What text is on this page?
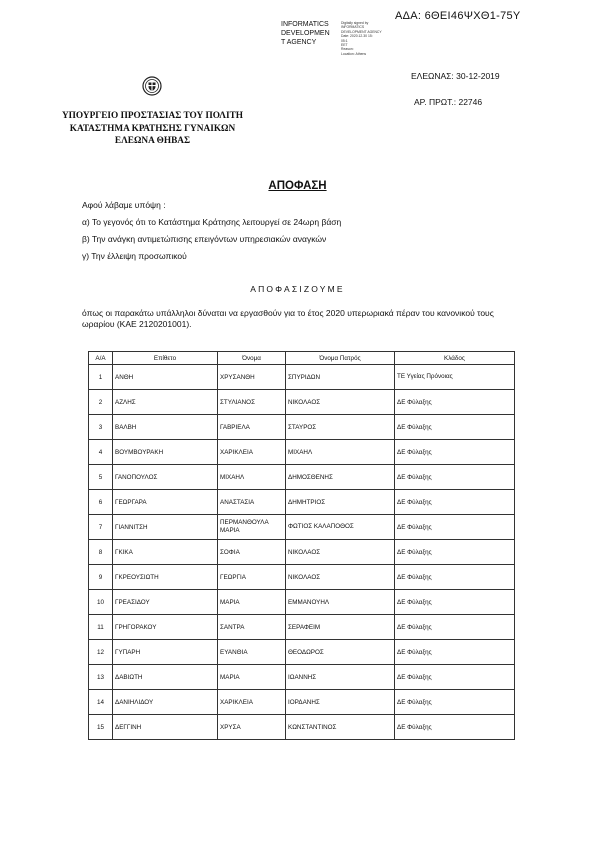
ΑΔΑ: 6ΘΕΙ46ΨΧΘ1-75Υ
INFORMATICS
DEVELOPMEN
T AGENCY
Digitally signed by
INFORMATICS
DEVELOPMENT AGENCY
Date: 2020.12.30 15:
05:1
EET
Reason:
Location: Athens
ΕΛΕΩΝΑΣ: 30-12-2019
ΑΡ. ΠΡΩΤ.: 22746
ΥΠΟΥΡΓΕΙΟ ΠΡΟΣΤΑΣΙΑΣ ΤΟΥ ΠΟΛΙΤΗ
ΚΑΤΑΣΤΗΜΑ ΚΡΑΤΗΣΗΣ ΓΥΝΑΙΚΩΝ
ΕΛΕΩΝΑ ΘΗΒΑΣ
ΑΠΟΦΑΣΗ
Αφού λάβαμε υπόψη :
α) Το γεγονός ότι το Κατάστημα Κράτησης λειτουργεί σε 24ωρη βάση
β) Την ανάγκη αντιμετώπισης επειγόντων υπηρεσιακών αναγκών
γ) Την έλλειψη προσωπικού
ΑΠΟΦΑΣΙΖΟΥΜΕ
όπως οι παρακάτω υπάλληλοι δύναται να εργασθούν για το έτος 2020 υπερωριακά πέραν του κανονικού τους ωραρίου (ΚΑΕ 2120201001).
Α/Α	Επίθετο	Όνομα	Όνομα Πατρός	Κλάδος
1	ΑΝΘΗ	ΧΡΥΣΑΝΘΗ	ΣΠΥΡΙΔΩΝ	ΤΕ Υγείας Πρόνοιας
2	ΑΖΛΗΣ	ΣΤΥΛΙΑΝΟΣ	ΝΙΚΟΛΑΟΣ	ΔΕ Φύλαξης
3	ΒΑΛΒΗ	ΓΑΒΡΙΕΛΑ	ΣΤΑΥΡΟΣ	ΔΕ Φύλαξης
4	ΒΟΥΜΒΟΥΡΑΚΗ	ΧΑΡΙΚΛΕΙΑ	ΜΙΧΑΗΛ	ΔΕ Φύλαξης
5	ΓΑΝΟΠΟΥΛΟΣ	ΜΙΧΑΗΛ	ΔΗΜΟΣΘΕΝΗΣ	ΔΕ Φύλαξης
6	ΓΕΩΡΓΑΡΑ	ΑΝΑΣΤΑΣΙΑ	ΔΗΜΗΤΡΙΟΣ	ΔΕ Φύλαξης
7	ΓΙΑΝΝΙΤΣΗ	ΠΕΡΜΑΝΘΟΥΛΑ ΜΑΡΙΑ	ΦΩΤΙΟΣ ΚΑΛΑΠΟΘΟΣ	ΔΕ Φύλαξης
8	ΓΚΙΚΑ	ΣΟΦΙΑ	ΝΙΚΟΛΑΟΣ	ΔΕ Φύλαξης
9	ΓΚΡΕΟΥΣΙΩΤΗ	ΓΕΩΡΓΙΑ	ΝΙΚΟΛΑΟΣ	ΔΕ Φύλαξης
10	ΓΡΕΑΣΙΔΟΥ	ΜΑΡΙΑ	ΕΜΜΑΝΟΥΗΛ	ΔΕ Φύλαξης
11	ΓΡΗΓΟΡΑΚΟΥ	ΣΑΝΤΡΑ	ΣΕΡΑΦΕΙΜ	ΔΕ Φύλαξης
12	ΓΥΠΑΡΗ	ΕΥΑΝΘΙΑ	ΘΕΟΔΩΡΟΣ	ΔΕ Φύλαξης
13	ΔΑΒΙΩΤΗ	ΜΑΡΙΑ	ΙΩΑΝΝΗΣ	ΔΕ Φύλαξης
14	ΔΑΝΙΗΛΙΔΟΥ	ΧΑΡΙΚΛΕΙΑ	ΙΟΡΔΑΝΗΣ	ΔΕ Φύλαξης
15	ΔΕΓΓΙΝΗ	ΧΡΥΣΑ	ΚΩΝΣΤΑΝΤΙΝΟΣ	ΔΕ Φύλαξης
